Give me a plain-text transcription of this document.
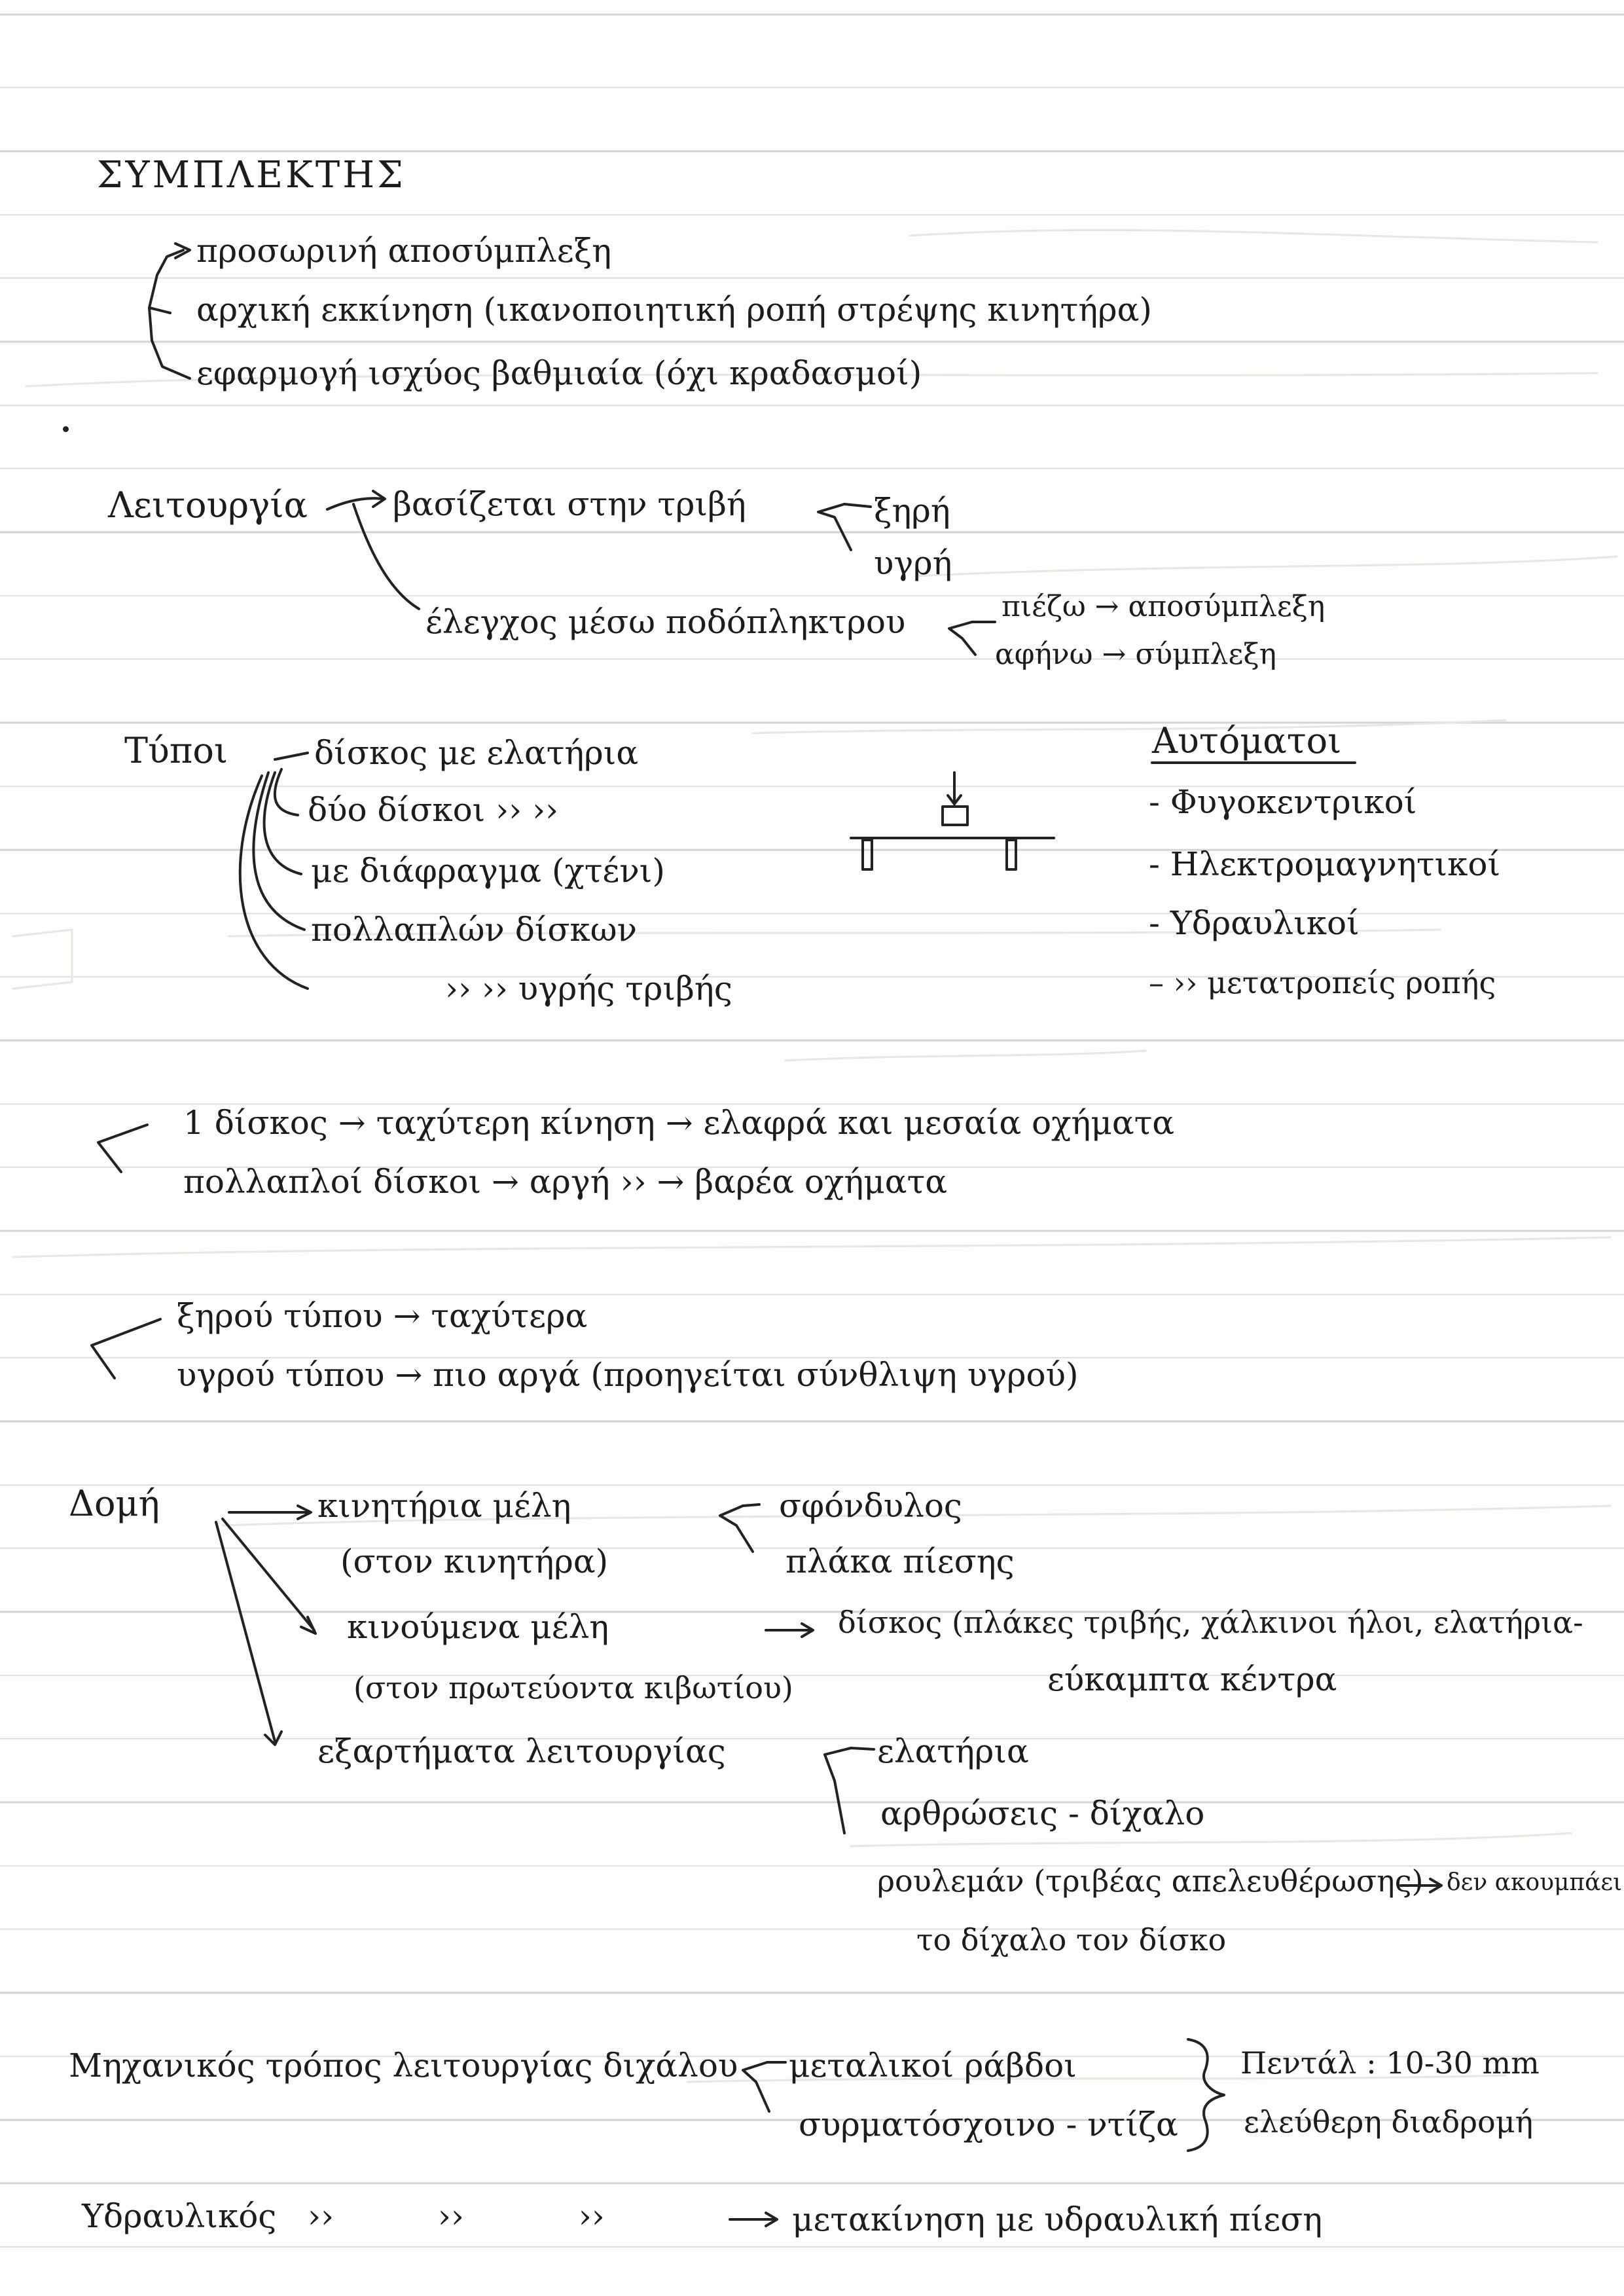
ΣΥΜΠΛΕΚΤΗΣ
προσωρινή αποσύμπλεξη
αρχική εκκίνηση (ικανοποιητική ροπή στρέψης κινητήρα)
εφαρμογή ισχύος βαθμιαία (όχι κραδασμοί)
Λειτουργία	βασίζεται στην τριβή	ξηρή
υγρή
έλεγχος μέσω ποδόπληκτρου	πιέζω → αποσύμπλεξη
αφήνω → σύμπλεξη
Τύποι	δίσκος με ελατήρια
δύο δίσκοι ›› ››
με διάφραγμα (χτένι)
πολλαπλών δίσκων
›› ›› υγρής τριβής
Αυτόματοι
- Φυγοκεντρικοί
- Ηλεκτρομαγνητικοί
- Υδραυλικοί
– ›› μετατροπείς ροπής
1 δίσκος → ταχύτερη κίνηση → ελαφρά και μεσαία οχήματα
πολλαπλοί δίσκοι → αργή ›› → βαρέα οχήματα
ξηρού τύπου → ταχύτερα
υγρού τύπου → πιο αργά (προηγείται σύνθλιψη υγρού)
Δομή	κινητήρια μέλη
(στον κινητήρα)
σφόνδυλος
πλάκα πίεσης
κινούμενα μέλη
(στον πρωτεύοντα κιβωτίου)
δίσκος (πλάκες τριβής, χάλκινοι ήλοι, ελατήρια-
εύκαμπτα κέντρα
εξαρτήματα λειτουργίας	ελατήρια
αρθρώσεις - δίχαλο
ρουλεμάν (τριβέας απελευθέρωσης) δεν ακουμπάει
το δίχαλο τον δίσκο
Μηχανικός τρόπος λειτουργίας διχάλου μεταλικοί ράβδοι
συρματόσχοινο - ντίζα
Πεντάλ : 10-30 mm
ελεύθερη διαδρομή
Υδραυλικός   ››          ››           ››	μετακίνηση με υδραυλική πίεση
